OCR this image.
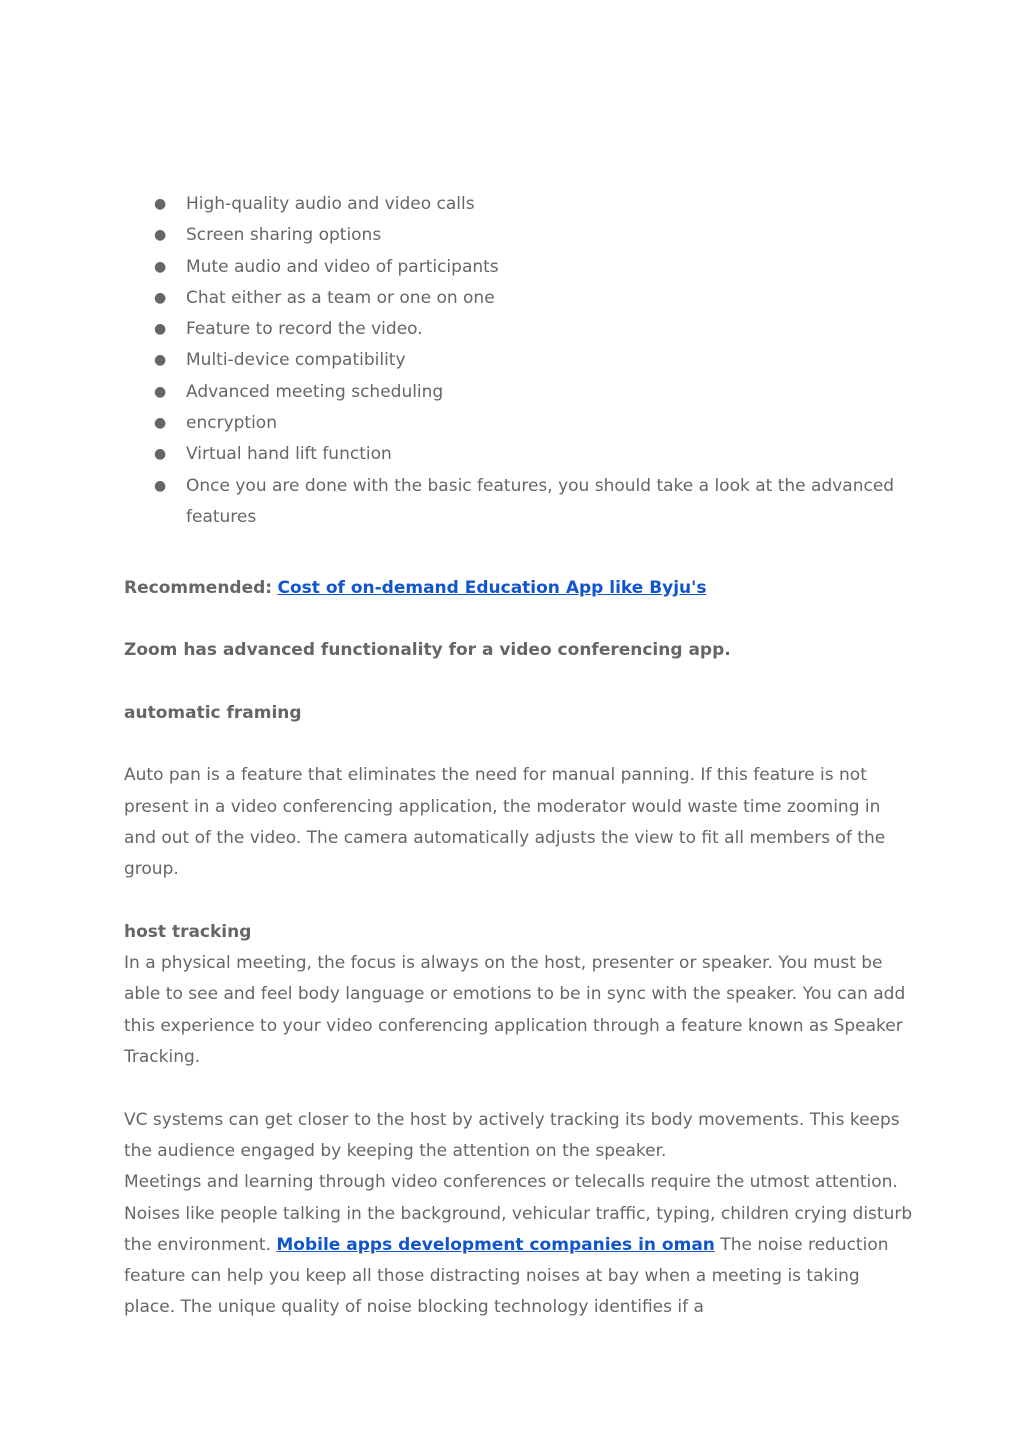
● High-quality audio and video calls
● Screen sharing options
● Mute audio and video of participants
● Chat either as a team or one on one
● Feature to record the video.
● Multi-device compatibility
● Advanced meeting scheduling
● encryption
● Virtual hand lift function
● Once you are done with the basic features, you should take a look at the advanced features

Recommended: Cost of on-demand Education App like Byju's

Zoom has advanced functionality for a video conferencing app.

automatic framing

Auto pan is a feature that eliminates the need for manual panning. If this feature is not present in a video conferencing application, the moderator would waste time zooming in and out of the video. The camera automatically adjusts the view to fit all members of the group.

host tracking

In a physical meeting, the focus is always on the host, presenter or speaker. You must be able to see and feel body language or emotions to be in sync with the speaker. You can add this experience to your video conferencing application through a feature known as Speaker Tracking.

VC systems can get closer to the host by actively tracking its body movements. This keeps the audience engaged by keeping the attention on the speaker.

Meetings and learning through video conferences or telecalls require the utmost attention. Noises like people talking in the background, vehicular traffic, typing, children crying disturb the environment. Mobile apps development companies in oman The noise reduction feature can help you keep all those distracting noises at bay when a meeting is taking place. The unique quality of noise blocking technology identifies if a
